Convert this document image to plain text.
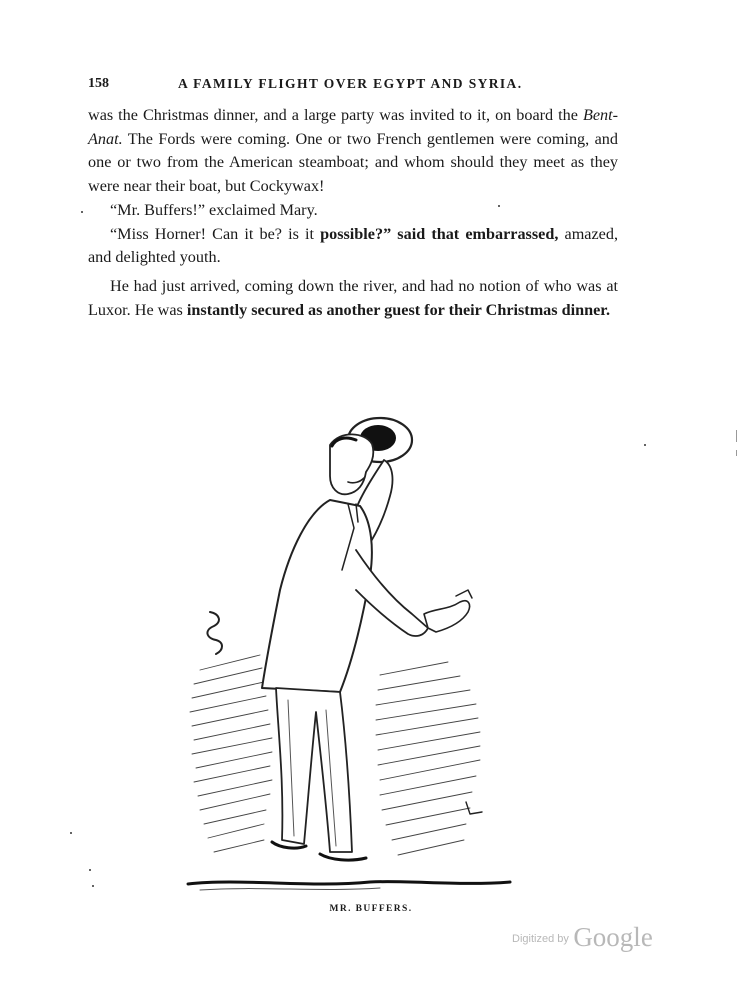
158	A FAMILY FLIGHT OVER EGYPT AND SYRIA.

was the Christmas dinner, and a large party was invited to it, on board the Bent-Anat. The Fords were coming. One or two French gentlemen were coming, and one or two from the American steamboat; and whom should they meet as they were near their boat, but Cockywax!

“Mr. Buffers!” exclaimed Mary.

“Miss Horner! Can it be? is it possible?” said that embarrassed, amazed, and delighted youth.

He had just arrived, coming down the river, and had no notion of who was at Luxor. He was instantly secured as another guest for their Christmas dinner.

MR. BUFFERS.
$^{Digitized by}$ Google
